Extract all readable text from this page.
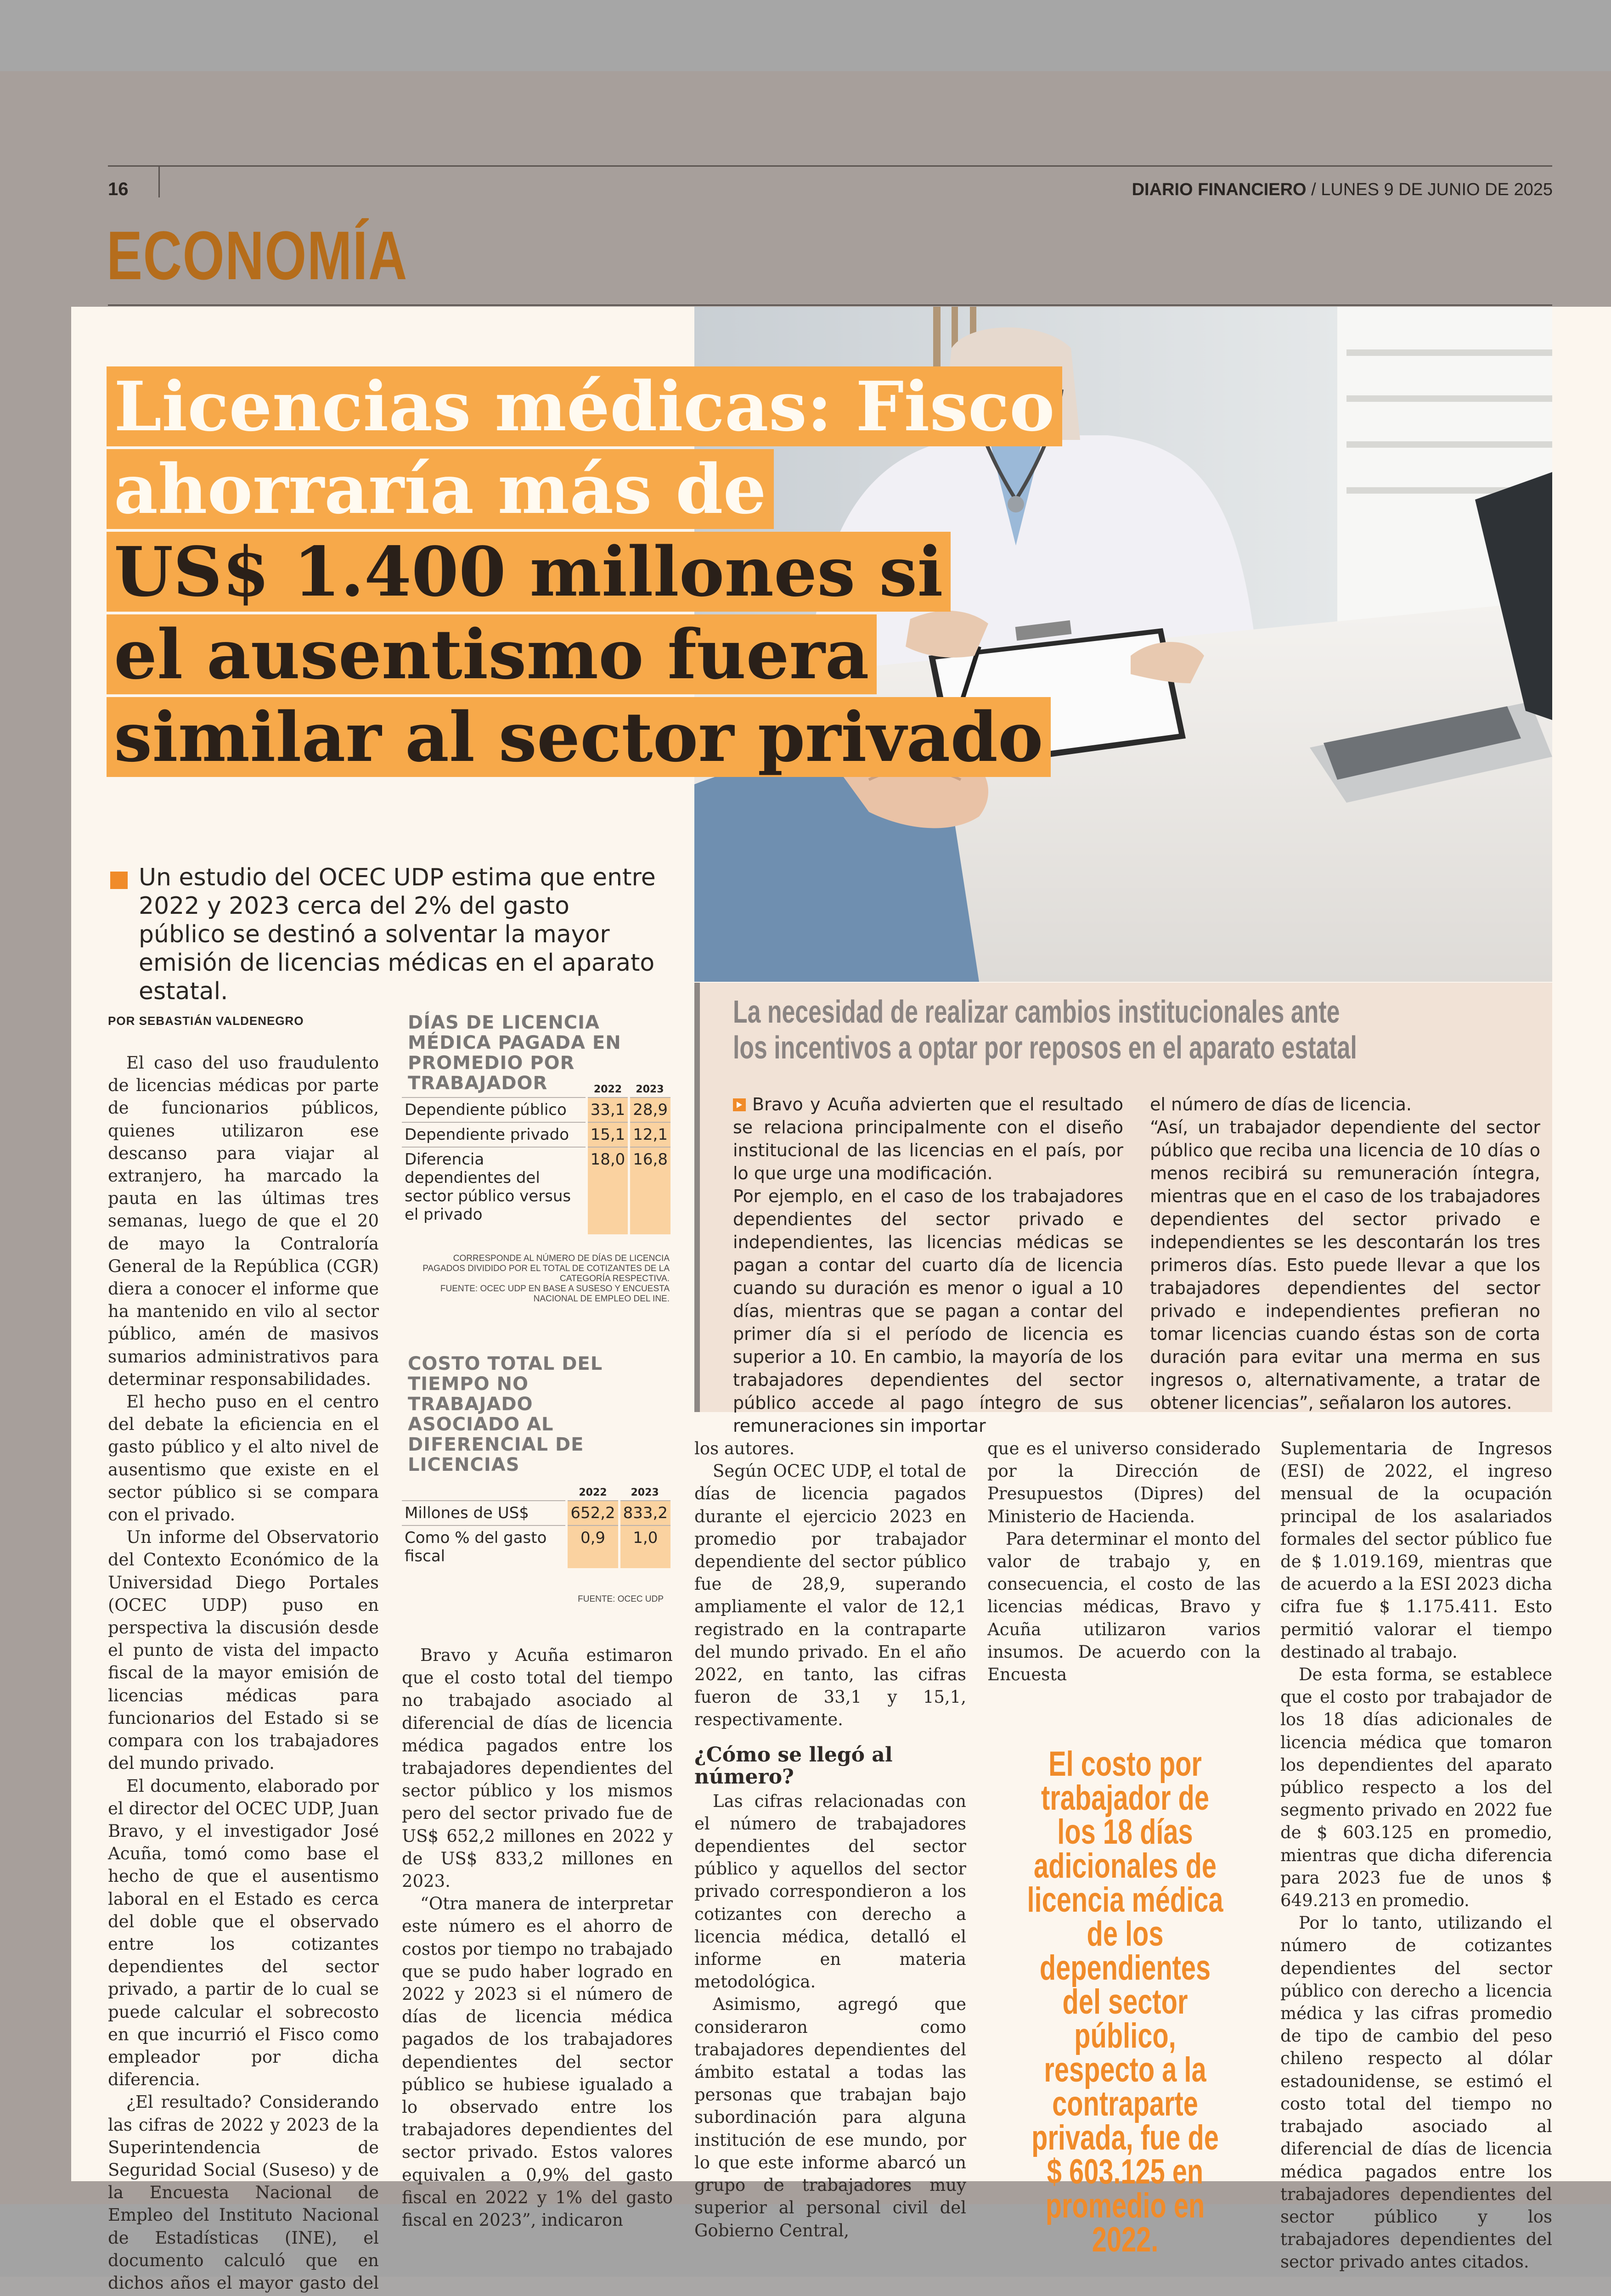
16	DIARIO FINANCIERO / LUNES 9 DE JUNIO DE 2025
ECONOMÍA
Licencias médicas: Fisco
ahorraría más de
US$ 1.400 millones si
el ausentismo fuera
similar al sector privado
Un estudio del OCEC UDP estima que entre 2022 y 2023 cerca del 2% del gasto público se destinó a solventar la mayor emisión de licencias médicas en el aparato estatal.
POR SEBASTIÁN VALDENEGRO

El caso del uso fraudulento de licencias médicas por parte de funcionarios públicos, quienes utilizaron ese descanso para viajar al extranjero, ha marcado la pauta en las últimas tres semanas, luego de que el 20 de mayo la Contraloría General de la República (CGR) diera a conocer el informe que ha mantenido en vilo al sector público, amén de masivos sumarios administrativos para determinar responsabilidades.

El hecho puso en el centro del debate la eficiencia en el gasto público y el alto nivel de ausentismo que existe en el sector público si se compara con el privado.

Un informe del Observatorio del Contexto Económico de la Universidad Diego Portales (OCEC UDP) puso en perspectiva la discusión desde el punto de vista del impacto fiscal de la mayor emisión de licencias médicas para funcionarios del Estado si se compara con los trabajadores del mundo privado.

El documento, elaborado por el director del OCEC UDP, Juan Bravo, y el investigador José Acuña, tomó como base el hecho de que el ausentismo laboral en el Estado es cerca del doble que el observado entre los cotizantes dependientes del sector privado, a partir de lo cual se puede calcular el sobrecosto en que incurrió el Fisco como empleador por dicha diferencia.

¿El resultado? Considerando las cifras de 2022 y 2023 de la Superintendencia de Seguridad Social (Suseso) y de la Encuesta Nacional de Empleo del Instituto Nacional de Estadísticas (INE), el documento calculó que en dichos años el mayor gasto del

DÍAS DE LICENCIA MÉDICA PAGADA EN PROMEDIO POR TRABAJADOR
		2022	2023
Dependiente público	33,1	28,9
Dependiente privado	15,1	12,1
Diferencia dependientes del sector público versus el privado	18,0	16,8
CORRESPONDE AL NÚMERO DE DÍAS DE LICENCIA PAGADOS DIVIDIDO POR EL TOTAL DE COTIZANTES DE LA CATEGORÍA RESPECTIVA.
FUENTE: OCEC UDP EN BASE A SUSESO Y ENCUESTA NACIONAL DE EMPLEO DEL INE.
COSTO TOTAL DEL TIEMPO NO TRABAJADO ASOCIADO AL DIFERENCIAL DE LICENCIAS
	2022	2023
Millones de US$	652,2	833,2
Como % del gasto fiscal	0,9	1,0
FUENTE: OCEC UDP

Bravo y Acuña estimaron que el costo total del tiempo no trabajado asociado al diferencial de días de licencia médica pagados entre los trabajadores dependientes del sector público y los mismos pero del sector privado fue de US$ 652,2 millones en 2022 y de US$ 833,2 millones en 2023.

“Otra manera de interpretar este número es el ahorro de costos por tiempo no trabajado que se pudo haber logrado en 2022 y 2023 si el número de días de licencia médica pagados de los trabajadores dependientes del sector público se hubiese igualado a lo observado entre los trabajadores dependientes del sector privado. Estos valores equivalen a 0,9% del gasto fiscal en 2022 y 1% del gasto fiscal en 2023”, indicaron

La necesidad de realizar cambios institucionales ante
los incentivos a optar por reposos en el aparato estatal
Bravo y Acuña advierten que el resultado se relaciona principalmente con el diseño institucional de las licencias en el país, por lo que urge una modificación.
Por ejemplo, en el caso de los trabajadores dependientes del sector privado e independientes, las licencias médicas se pagan a contar del cuarto día de licencia cuando su duración es menor o igual a 10 días, mientras que se pagan a contar del primer día si el período de licencia es superior a 10. En cambio, la mayoría de los trabajadores dependientes del sector público accede al pago íntegro de sus remuneraciones sin importar
el número de días de licencia.
“Así, un trabajador dependiente del sector público que reciba una licencia de 10 días o menos recibirá su remuneración íntegra, mientras que en el caso de los trabajadores dependientes del sector privado e independientes se les descontarán los tres primeros días. Esto puede llevar a que los trabajadores dependientes del sector privado e independientes prefieran no tomar licencias cuando éstas son de corta duración para evitar una merma en sus ingresos o, alternativamente, a tratar de obtener licencias”, señalaron los autores.

los autores.

Según OCEC UDP, el total de días de licencia pagados durante el ejercicio 2023 en promedio por trabajador dependiente del sector público fue de 28,9, superando ampliamente el valor de 12,1 registrado en la contraparte del mundo privado. En el año 2022, en tanto, las cifras fueron de 33,1 y 15,1, respectivamente.

¿Cómo se llegó al número?

Las cifras relacionadas con el número de trabajadores dependientes del sector público y aquellos del sector privado correspondieron a los cotizantes con derecho a licencia médica, detalló el informe en materia metodológica.

Asimismo, agregó que consideraron como trabajadores dependientes del ámbito estatal a todas las personas que trabajan bajo subordinación para alguna institución de ese mundo, por lo que este informe abarcó un grupo de trabajadores muy superior al personal civil del Gobierno Central,

que es el universo considerado por la Dirección de Presupuestos (Dipres) del Ministerio de Hacienda.

Para determinar el monto del valor de trabajo y, en consecuencia, el costo de las licencias médicas, Bravo y Acuña utilizaron varios insumos. De acuerdo con la Encuesta

El costo por trabajador de los 18 días adicionales de licencia médica de los dependientes del sector público, respecto a la contraparte privada, fue de $ 603.125 en promedio en 2022.

Suplementaria de Ingresos (ESI) de 2022, el ingreso mensual de la ocupación principal de los asalariados formales del sector público fue de $ 1.019.169, mientras que de acuerdo a la ESI 2023 dicha cifra fue $ 1.175.411. Esto permitió valorar el tiempo destinado al trabajo.

De esta forma, se establece que el costo por trabajador de los 18 días adicionales de licencia médica que tomaron los dependientes del aparato público respecto a los del segmento privado en 2022 fue de $ 603.125 en promedio, mientras que dicha diferencia para 2023 fue de unos $ 649.213 en promedio.

Por lo tanto, utilizando el número de cotizantes dependientes del sector público con derecho a licencia médica y las cifras promedio de tipo de cambio del peso chileno respecto al dólar estadounidense, se estimó el costo total del tiempo no trabajado asociado al diferencial de días de licencia médica pagados entre los trabajadores dependientes del sector público y los trabajadores dependientes del sector privado antes citados.
